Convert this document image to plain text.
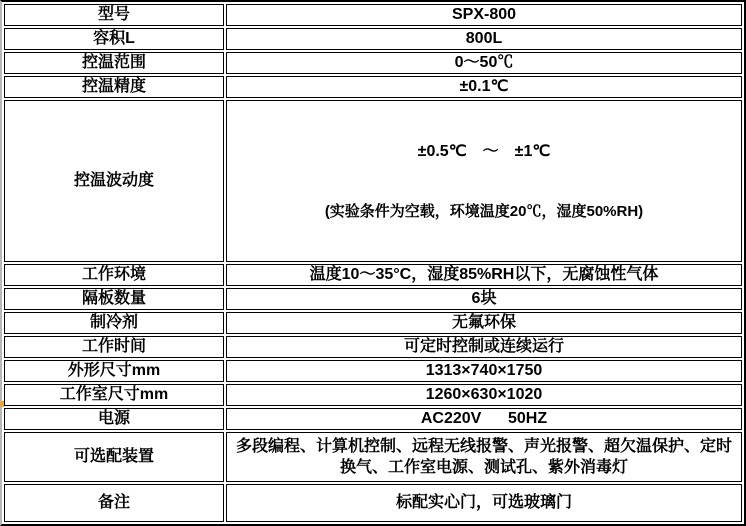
型号	SPX-800
容积L	800L
控温范围	0～50℃
控温精度	±0.1℃
控温波动度	±0.5℃　～　±1℃

(实验条件为空载，环境温度20℃，湿度50%RH)

工作环境	温度10～35°C，湿度85%RH以下，无腐蚀性气体
隔板数量	6块
制冷剂	无氟环保
工作时间	可定时控制或连续运行
外形尺寸mm	1313×740×1750
工作室尺寸mm	1260×630×1020
电源	AC220V      50HZ
可选配装置	多段编程、计算机控制、远程无线报警、声光报警、超欠温保护、定时换气、工作室电源、测试孔、紫外消毒灯
备注	标配实心门，可选玻璃门
